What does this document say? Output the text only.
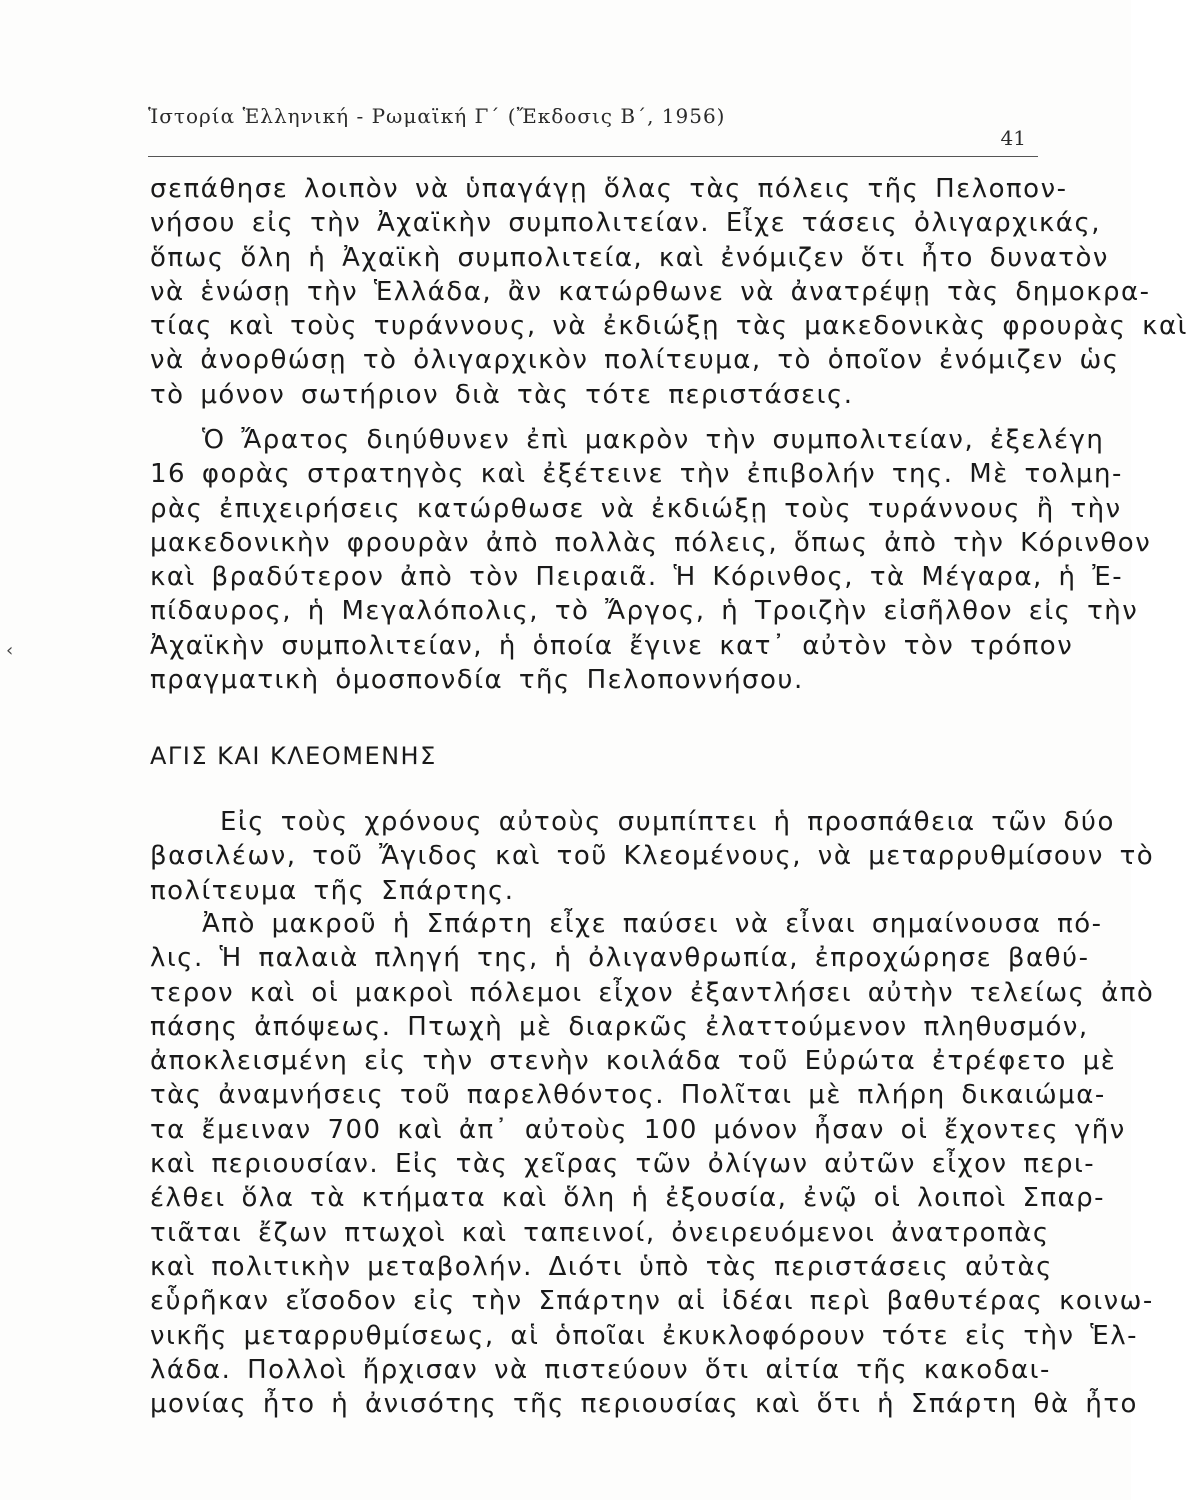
Ἱστορία Ἑλληνική - Ρωμαϊκή Γ΄ (Ἔκδοσις Β΄, 1956)
41
‹
σεπάθησε λοιπὸν νὰ ὑπαγάγῃ ὅλας τὰς πόλεις τῆς Πελοπον-
νήσου εἰς τὴν Ἀχαϊκὴν συμπολιτείαν. Εἶχε τάσεις ὀλιγαρχικάς,
ὅπως ὅλη ἡ Ἀχαϊκὴ συμπολιτεία, καὶ ἐνόμιζεν ὅτι ἦτο δυνατὸν
νὰ ἑνώσῃ τὴν Ἑλλάδα, ἂν κατώρθωνε νὰ ἀνατρέψῃ τὰς δημοκρα-
τίας καὶ τοὺς τυράννους, νὰ ἐκδιώξῃ τὰς μακεδονικὰς φρουρὰς καὶ
νὰ ἀνορθώσῃ τὸ ὀλιγαρχικὸν πολίτευμα, τὸ ὁποῖον ἐνόμιζεν ὡς
τὸ μόνον σωτήριον διὰ τὰς τότε περιστάσεις.
Ὁ Ἄρατος διηύθυνεν ἐπὶ μακρὸν τὴν συμπολιτείαν, ἐξελέγη
16 φορὰς στρατηγὸς καὶ ἐξέτεινε τὴν ἐπιβολήν της. Μὲ τολμη-
ρὰς ἐπιχειρήσεις κατώρθωσε νὰ ἐκδιώξῃ τοὺς τυράννους ἢ τὴν
μακεδονικὴν φρουρὰν ἀπὸ πολλὰς πόλεις, ὅπως ἀπὸ τὴν Κόρινθον
καὶ βραδύτερον ἀπὸ τὸν Πειραιᾶ. Ἡ Κόρινθος, τὰ Μέγαρα, ἡ Ἐ-
πίδαυρος, ἡ Μεγαλόπολις, τὸ Ἄργος, ἡ Τροιζὴν εἰσῆλθον εἰς τὴν
Ἀχαϊκὴν συμπολιτείαν, ἡ ὁποία ἔγινε κατ᾿ αὐτὸν τὸν τρόπον
πραγματικὴ ὁμοσπονδία τῆς Πελοποννήσου.
ΑΓΙΣ ΚΑΙ ΚΛΕΟΜΕΝΗΣ
Εἰς τοὺς χρόνους αὐτοὺς συμπίπτει ἡ προσπάθεια τῶν δύο
βασιλέων, τοῦ Ἄγιδος καὶ τοῦ Κλεομένους, νὰ μεταρρυθμίσουν τὸ
πολίτευμα τῆς Σπάρτης.
Ἀπὸ μακροῦ ἡ Σπάρτη εἶχε παύσει νὰ εἶναι σημαίνουσα πό-
λις. Ἡ παλαιὰ πληγή της, ἡ ὀλιγανθρωπία, ἐπροχώρησε βαθύ-
τερον καὶ οἱ μακροὶ πόλεμοι εἶχον ἐξαντλήσει αὐτὴν τελείως ἀπὸ
πάσης ἀπόψεως. Πτωχὴ μὲ διαρκῶς ἐλαττούμενον πληθυσμόν,
ἀποκλεισμένη εἰς τὴν στενὴν κοιλάδα τοῦ Εὐρώτα ἐτρέφετο μὲ
τὰς ἀναμνήσεις τοῦ παρελθόντος. Πολῖται μὲ πλήρη δικαιώμα-
τα ἔμειναν 700 καὶ ἀπ᾿ αὐτοὺς 100 μόνον ἦσαν οἱ ἔχοντες γῆν
καὶ περιουσίαν. Εἰς τὰς χεῖρας τῶν ὀλίγων αὐτῶν εἶχον περι-
έλθει ὅλα τὰ κτήματα καὶ ὅλη ἡ ἐξουσία, ἐνῷ οἱ λοιποὶ Σπαρ-
τιᾶται ἔζων πτωχοὶ καὶ ταπεινοί, ὀνειρευόμενοι ἀνατροπὰς
καὶ πολιτικὴν μεταβολήν. Διότι ὑπὸ τὰς περιστάσεις αὐτὰς
εὗρῆκαν εἴσοδον εἰς τὴν Σπάρτην αἱ ἰδέαι περὶ βαθυτέρας κοινω-
νικῆς μεταρρυθμίσεως, αἱ ὁποῖαι ἐκυκλοφόρουν τότε εἰς τὴν Ἑλ-
λάδα. Πολλοὶ ἤρχισαν νὰ πιστεύουν ὅτι αἰτία τῆς κακοδαι-
μονίας ἦτο ἡ ἀνισότης τῆς περιουσίας καὶ ὅτι ἡ Σπάρτη θὰ ἦτο
